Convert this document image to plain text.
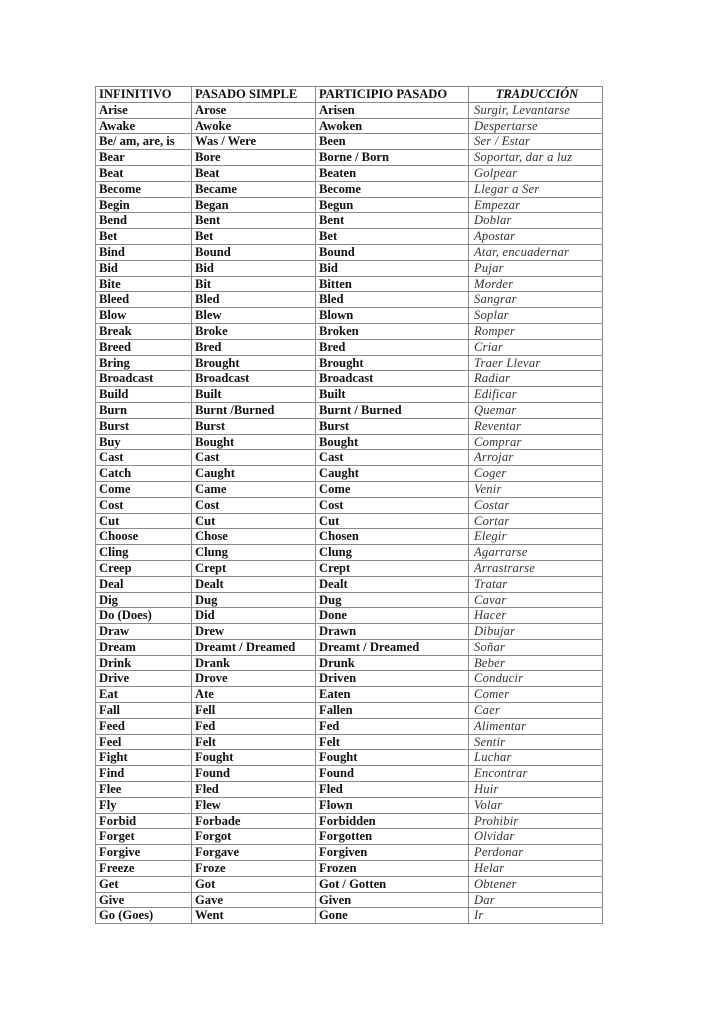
INFINITIVO	PASADO SIMPLE	PARTICIPIO PASADO	TRADUCCIÓN
Arise	Arose	Arisen	Surgir, Levantarse
Awake	Awoke	Awoken	Despertarse
Be/ am, are, is	Was / Were	Been	Ser / Estar
Bear	Bore	Borne / Born	Soportar, dar a luz
Beat	Beat	Beaten	Golpear
Become	Became	Become	Llegar a Ser
Begin	Began	Begun	Empezar
Bend	Bent	Bent	Doblar
Bet	Bet	Bet	Apostar
Bind	Bound	Bound	Atar, encuadernar
Bid	Bid	Bid	Pujar
Bite	Bit	Bitten	Morder
Bleed	Bled	Bled	Sangrar
Blow	Blew	Blown	Soplar
Break	Broke	Broken	Romper
Breed	Bred	Bred	Criar
Bring	Brought	Brought	Traer Llevar
Broadcast	Broadcast	Broadcast	Radiar
Build	Built	Built	Edificar
Burn	Burnt /Burned	Burnt / Burned	Quemar
Burst	Burst	Burst	Reventar
Buy	Bought	Bought	Comprar
Cast	Cast	Cast	Arrojar
Catch	Caught	Caught	Coger
Come	Came	Come	Venir
Cost	Cost	Cost	Costar
Cut	Cut	Cut	Cortar
Choose	Chose	Chosen	Elegir
Cling	Clung	Clung	Agarrarse
Creep	Crept	Crept	Arrastrarse
Deal	Dealt	Dealt	Tratar
Dig	Dug	Dug	Cavar
Do (Does)	Did	Done	Hacer
Draw	Drew	Drawn	Dibujar
Dream	Dreamt / Dreamed	Dreamt / Dreamed	Soñar
Drink	Drank	Drunk	Beber
Drive	Drove	Driven	Conducir
Eat	Ate	Eaten	Comer
Fall	Fell	Fallen	Caer
Feed	Fed	Fed	Alimentar
Feel	Felt	Felt	Sentir
Fight	Fought	Fought	Luchar
Find	Found	Found	Encontrar
Flee	Fled	Fled	Huir
Fly	Flew	Flown	Volar
Forbid	Forbade	Forbidden	Prohibir
Forget	Forgot	Forgotten	Olvidar
Forgive	Forgave	Forgiven	Perdonar
Freeze	Froze	Frozen	Helar
Get	Got	Got / Gotten	Obtener
Give	Gave	Given	Dar
Go (Goes)	Went	Gone	Ir
